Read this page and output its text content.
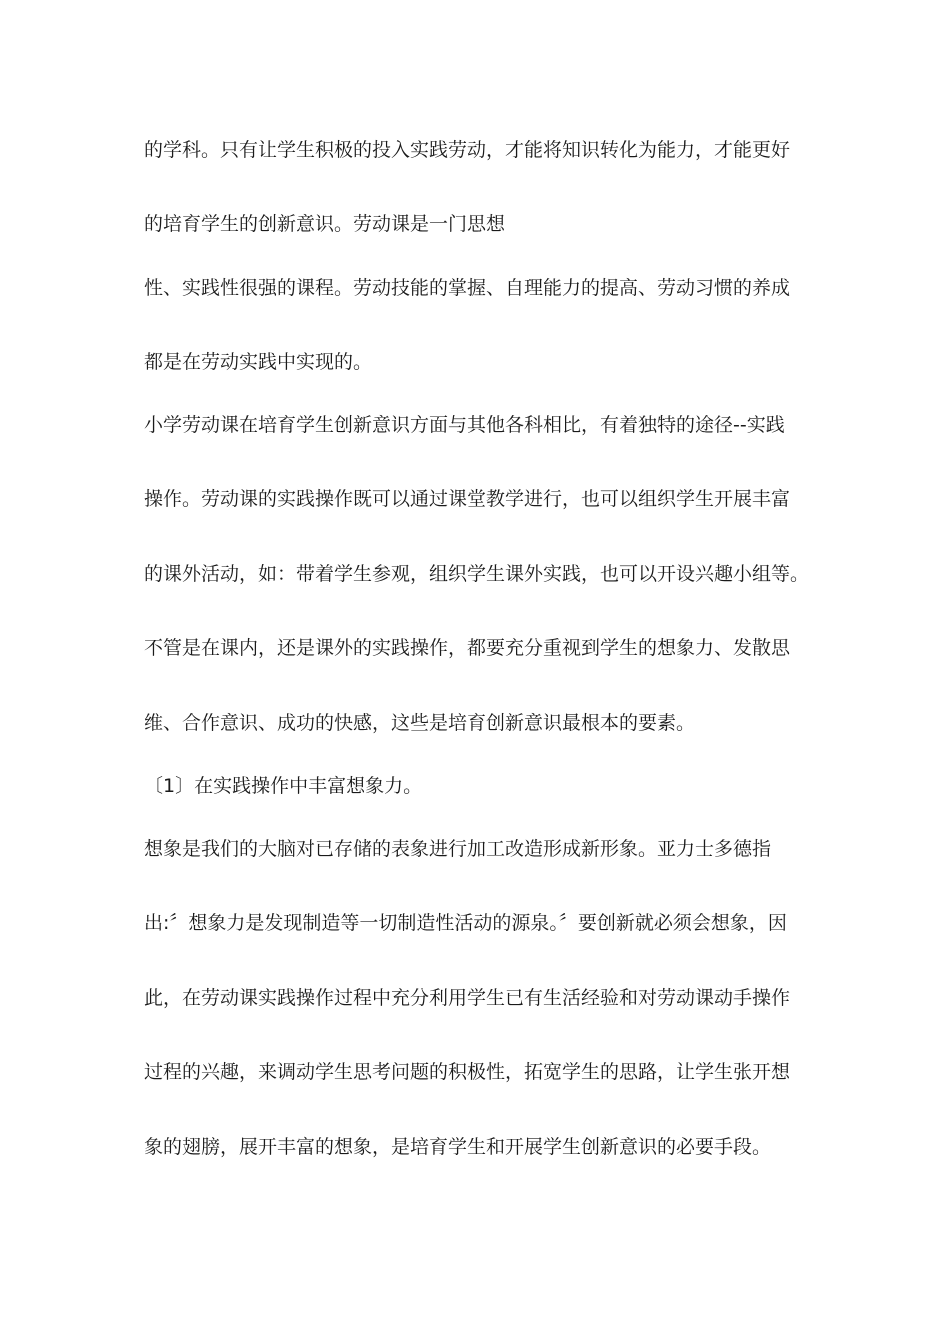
的学科。只有让学生积极的投入实践劳动，才能将知识转化为能力，才能更好
的培育学生的创新意识。劳动课是一门思想
性、实践性很强的课程。劳动技能的掌握、自理能力的提高、劳动习惯的养成
都是在劳动实践中实现的。
小学劳动课在培育学生创新意识方面与其他各科相比，有着独特的途径--实践
操作。劳动课的实践操作既可以通过课堂教学进行，也可以组织学生开展丰富
的课外活动，如：带着学生参观，组织学生课外实践，也可以开设兴趣小组等。
不管是在课内，还是课外的实践操作，都要充分重视到学生的想象力、发散思
维、合作意识、成功的快感，这些是培育创新意识最根本的要素。
〔1〕在实践操作中丰富想象力。
想象是我们的大脑对已存储的表象进行加工改造形成新形象。亚力士多德指
出:〞想象力是发现制造等一切制造性活动的源泉。〞要创新就必须会想象，因
此，在劳动课实践操作过程中充分利用学生已有生活经验和对劳动课动手操作
过程的兴趣，来调动学生思考问题的积极性，拓宽学生的思路，让学生张开想
象的翅膀，展开丰富的想象，是培育学生和开展学生创新意识的必要手段。
